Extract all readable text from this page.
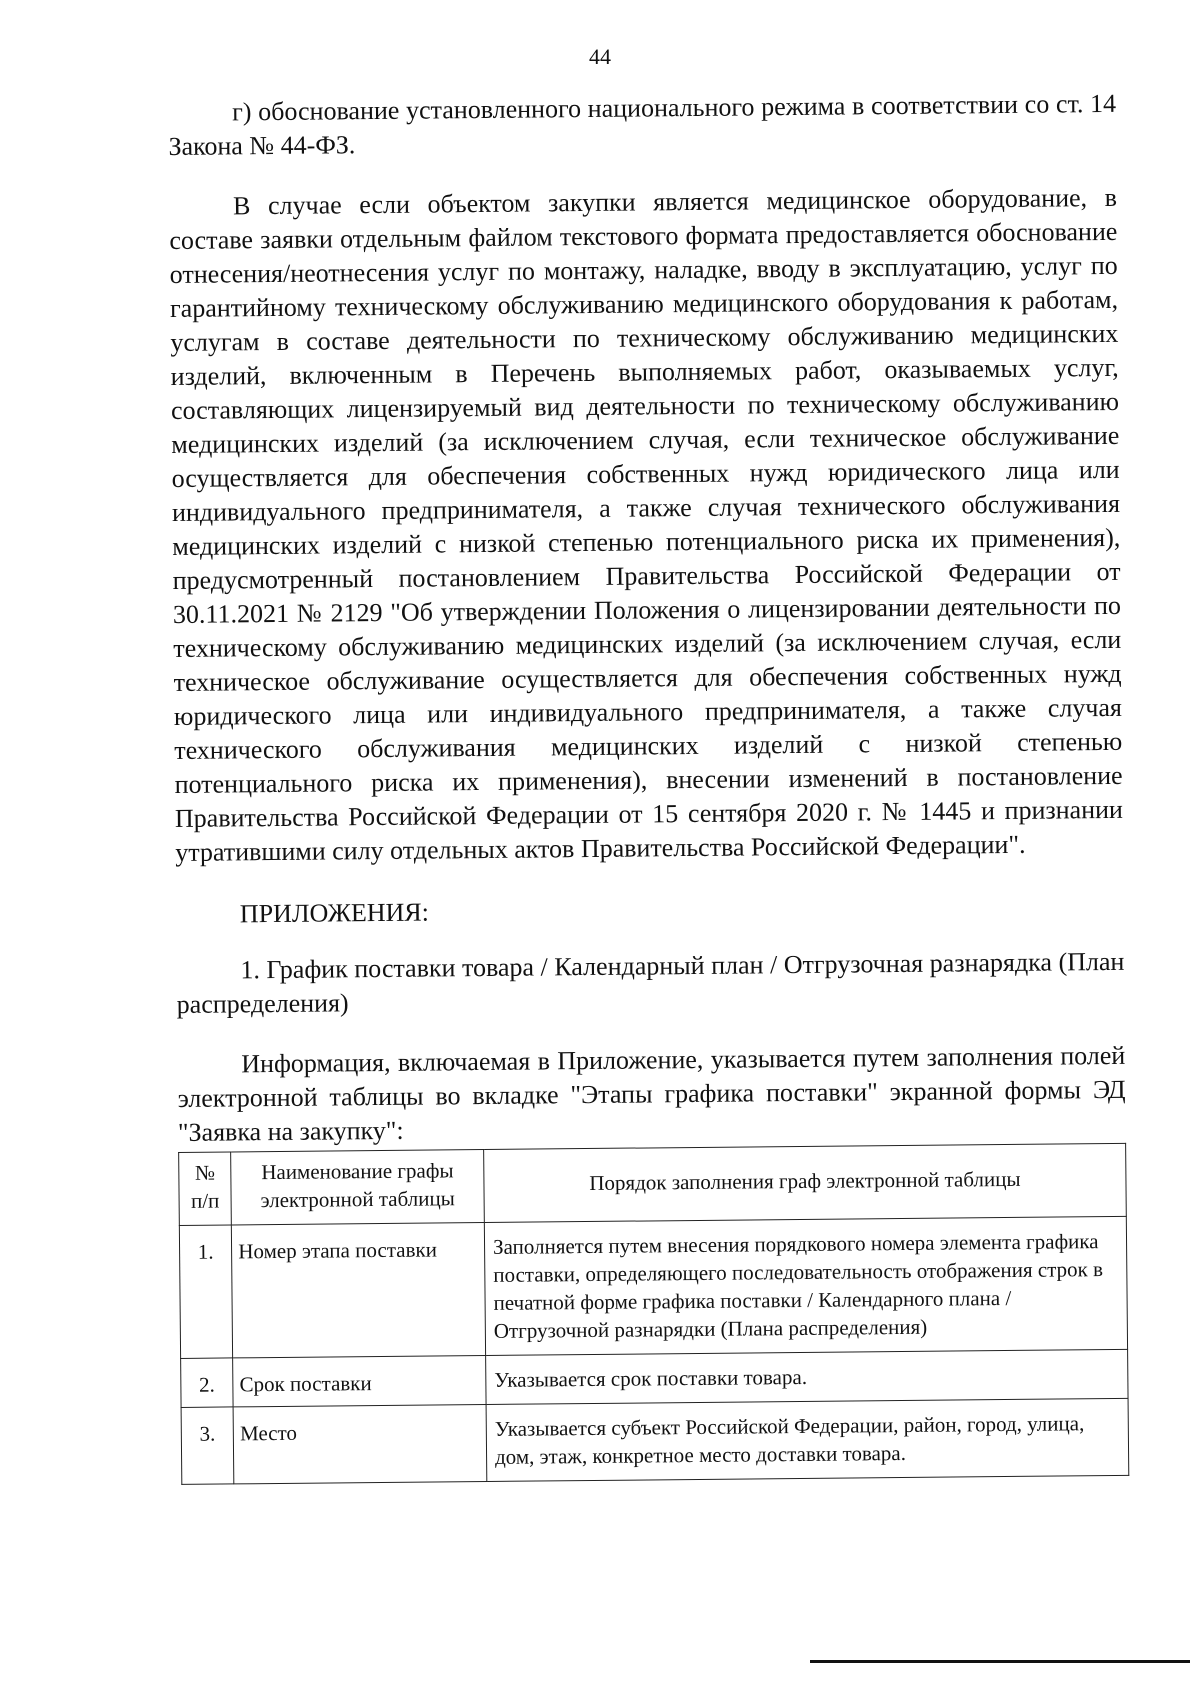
44

г) обоснование установленного национального режима в соответствии со ст. 14 Закона № 44-ФЗ.

В случае если объектом закупки является медицинское оборудование, в составе заявки отдельным файлом текстового формата предоставляется обоснование отнесения/неотнесения услуг по монтажу, наладке, вводу в эксплуатацию, услуг по гарантийному техническому обслуживанию медицинского оборудования к работам, услугам в составе деятельности по техническому обслуживанию медицинских изделий, включенным в Перечень выполняемых работ, оказываемых услуг, составляющих лицензируемый вид деятельности по техническому обслуживанию медицинских изделий (за исключением случая, если техническое обслуживание осуществляется для обеспечения собственных нужд юридического лица или индивидуального предпринимателя, а также случая технического обслуживания медицинских изделий с низкой степенью потенциального риска их применения), предусмотренный постановлением Правительства Российской Федерации от 30.11.2021 № 2129 "Об утверждении Положения о лицензировании деятельности по техническому обслуживанию медицинских изделий (за исключением случая, если техническое обслуживание осуществляется для обеспечения собственных нужд юридического лица или индивидуального предпринимателя, а также случая технического обслуживания медицинских изделий с низкой степенью потенциального риска их применения), внесении изменений в постановление Правительства Российской Федерации от 15 сентября 2020 г. № 1445 и признании утратившими силу отдельных актов Правительства Российской Федерации".

ПРИЛОЖЕНИЯ:

1. График поставки товара / Календарный план / Отгрузочная разнарядка (План распределения)

Информация, включаемая в Приложение, указывается путем заполнения полей электронной таблицы во вкладке "Этапы графика поставки" экранной формы ЭД "Заявка на закупку":

№ п/п	Наименование графы электронной таблицы	Порядок заполнения граф электронной таблицы
1.	Номер этапа поставки	Заполняется путем внесения порядкового номера элемента графика поставки, определяющего последовательность отображения строк в печатной форме графика поставки / Календарного плана / Отгрузочной разнарядки (Плана распределения)
2.	Срок поставки	Указывается срок поставки товара.
3.	Место	Указывается субъект Российской Федерации, район, город, улица, дом, этаж, конкретное место доставки товара.
